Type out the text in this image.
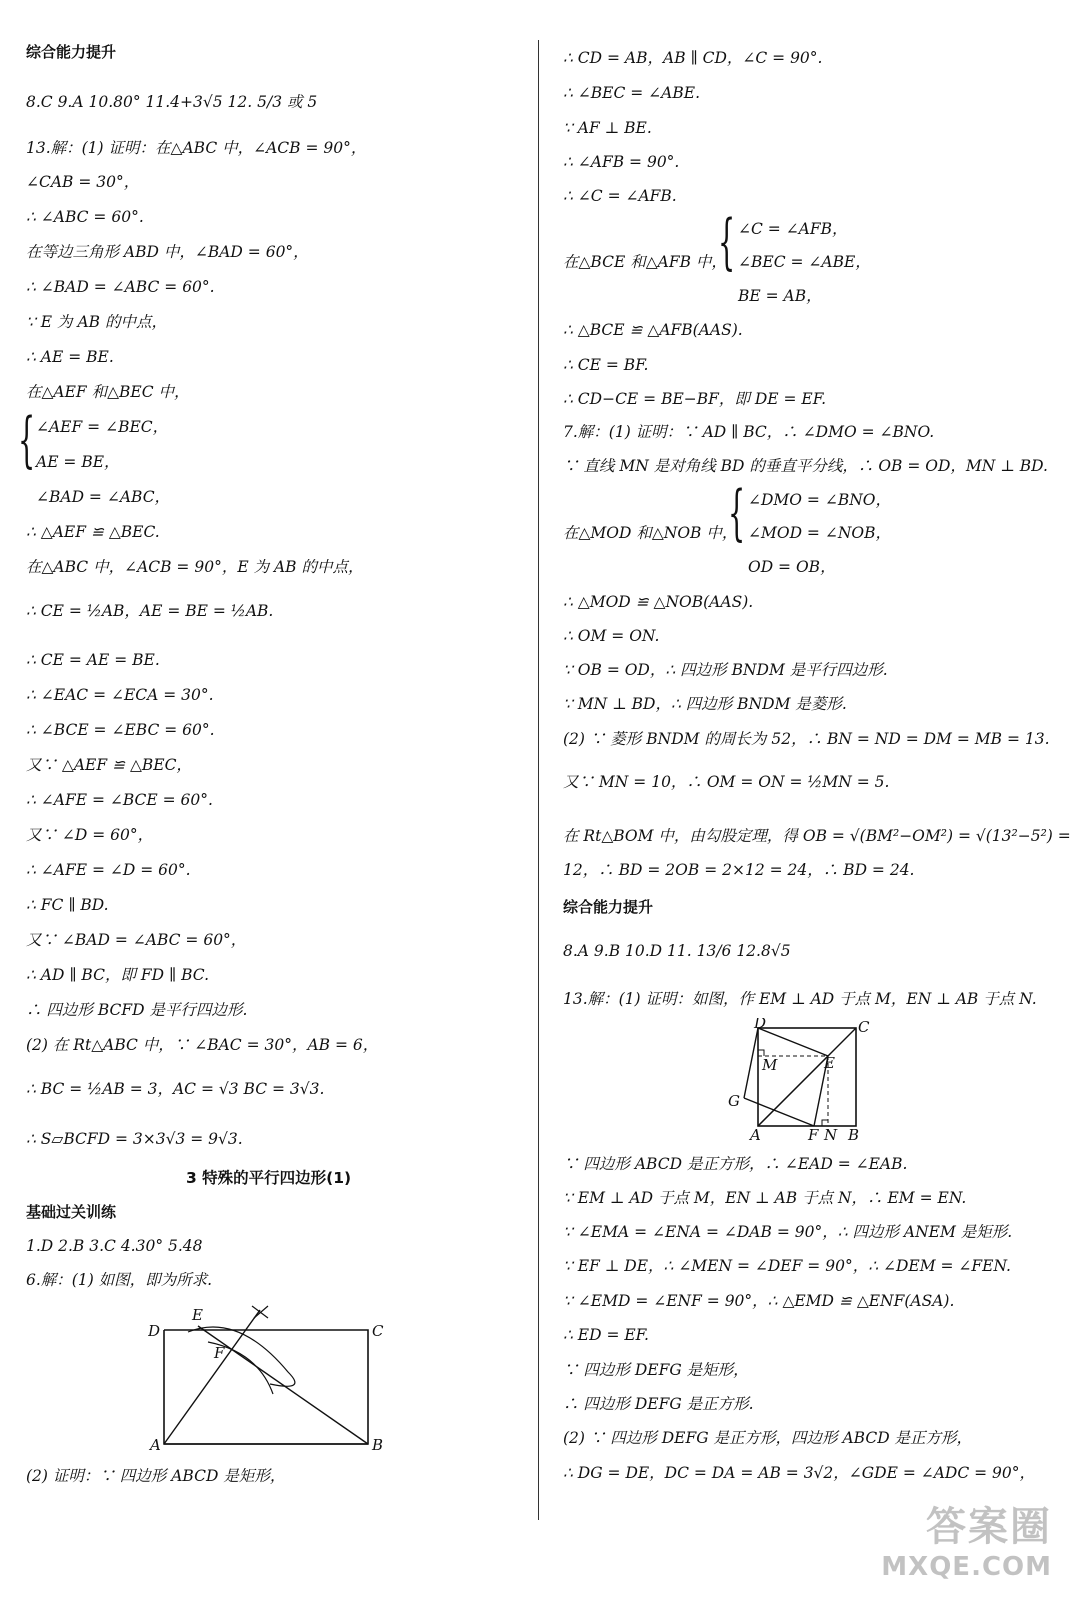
综合能力提升
8.C 9.A 10.80° 11.4+3√5 12. 5/3 或 5
13.解：(1) 证明：在△ABC 中，∠ACB = 90°，
∠CAB = 30°，
∴ ∠ABC = 60°.
在等边三角形 ABD 中，∠BAD = 60°，
∴ ∠BAD = ∠ABC = 60°.
∵ E 为 AB 的中点，
∴ AE = BE.
在△AEF 和△BEC 中，
∠AEF = ∠BEC，
AE = BE，
∠BAD = ∠ABC，
∴ △AEF ≌ △BEC.
在△ABC 中，∠ACB = 90°，E 为 AB 的中点，
∴ CE = ½AB，AE = BE = ½AB.
∴ CE = AE = BE.
∴ ∠EAC = ∠ECA = 30°.
∴ ∠BCE = ∠EBC = 60°.
又∵ △AEF ≌ △BEC，
∴ ∠AFE = ∠BCE = 60°.
又∵ ∠D = 60°，
∴ ∠AFE = ∠D = 60°.
∴ FC ∥ BD.
又∵ ∠BAD = ∠ABC = 60°，
∴ AD ∥ BC，即 FD ∥ BC.
∴ 四边形 BCFD 是平行四边形.
(2) 在 Rt△ABC 中，∵ ∠BAC = 30°，AB = 6，
∴ BC = ½AB = 3，AC = √3 BC = 3√3.
∴ S▱BCFD = 3×3√3 = 9√3.
3 特殊的平行四边形(1)
基础过关训练
1.D 2.B 3.C 4.30° 5.48
6.解：(1) 如图，即为所求.
(2) 证明：∵ 四边形 ABCD 是矩形，
∴ CD = AB，AB ∥ CD，∠C = 90°.
∴ ∠BEC = ∠ABE.
∵ AF ⊥ BE.
∴ ∠AFB = 90°.
∴ ∠C = ∠AFB.
∠C = ∠AFB，
在△BCE 和△AFB 中， ∠BEC = ∠ABE，
BE = AB，
∴ △BCE ≌ △AFB(AAS).
∴ CE = BF.
∴ CD−CE = BE−BF，即 DE = EF.
7.解：(1) 证明：∵ AD ∥ BC，∴ ∠DMO = ∠BNO.
∵ 直线 MN 是对角线 BD 的垂直平分线，∴ OB = OD，MN ⊥ BD.
∠DMO = ∠BNO，
在△MOD 和△NOB 中， ∠MOD = ∠NOB，
OD = OB，
∴ △MOD ≌ △NOB(AAS).
∴ OM = ON.
∵ OB = OD，∴ 四边形 BNDM 是平行四边形.
∵ MN ⊥ BD，∴ 四边形 BNDM 是菱形.
(2) ∵ 菱形 BNDM 的周长为 52，∴ BN = ND = DM = MB = 13.
又∵ MN = 10，∴ OM = ON = ½MN = 5.
在 Rt△BOM 中，由勾股定理，得 OB = √(BM²−OM²) = √(13²−5²) =
12，∴ BD = 2OB = 2×12 = 24，∴ BD = 24.
综合能力提升
8.A 9.B 10.D 11. 13/6 12.8√5
13.解：(1) 证明：如图，作 EM ⊥ AD 于点 M，EN ⊥ AB 于点 N.
∵ 四边形 ABCD 是正方形，∴ ∠EAD = ∠EAB.
∵ EM ⊥ AD 于点 M，EN ⊥ AB 于点 N，∴ EM = EN.
∵ ∠EMA = ∠ENA = ∠DAB = 90°，∴ 四边形 ANEM 是矩形.
∵ EF ⊥ DE，∴ ∠MEN = ∠DEF = 90°，∴ ∠DEM = ∠FEN.
∵ ∠EMD = ∠ENF = 90°，∴ △EMD ≌ △ENF(ASA).
∴ ED = EF.
∵ 四边形 DEFG 是矩形，
∴ 四边形 DEFG 是正方形.
(2) ∵ 四边形 DEFG 是正方形，四边形 ABCD 是正方形，
∴ DG = DE，DC = DA = AB = 3√2，∠GDE = ∠ADC = 90°，
{
{
{
D
E
C
F
A	B
D	C
M	E
G
A	F N B
答案圈
MXQE.COM
